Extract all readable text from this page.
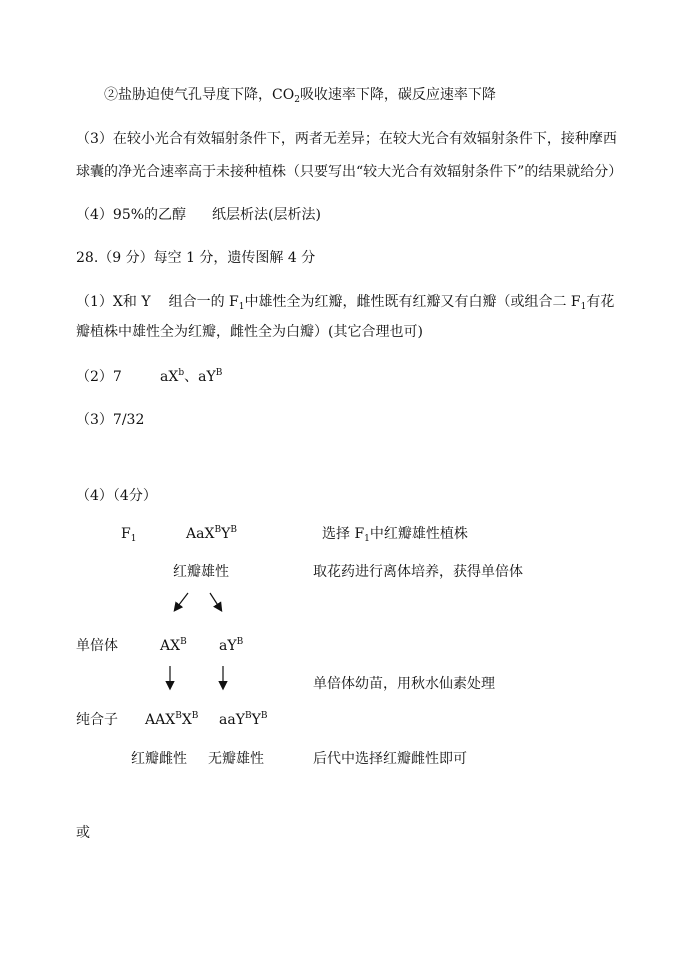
②盐胁迫使气孔导度下降，$CO_2$吸收速率下降，碳反应速率下降
（3）在较小光合有效辐射条件下，两者无差异；在较大光合有效辐射条件下，接种摩西
球囊的净光合速率高于未接种植株（只要写出“较大光合有效辐射条件下”的结果就给分）
（4）95%的乙醇 纸层析法(层析法)
28.（9 分）每空 1 分，遗传图解 4 分
（1）X和 Y 组合一的 $F_1$中雄性全为红瓣，雌性既有红瓣又有白瓣（或组合二 $F_1$有花
瓣植株中雄性全为红瓣，雌性全为白瓣）(其它合理也可)
（2）7	$aX^b$、$aY^B$
（3）7/32
（4）（4分）
$F_1$	$AaX^BY^B$	选择 $F_1$中红瓣雄性植株
红瓣雄性	取花药进行离体培养，获得单倍体
单倍体	$AX^B$ $aY^B$
单倍体幼苗，用秋水仙素处理
纯合子 $AAX^BX^B$ $aaY^BY^B$
红瓣雌性 无瓣雄性	后代中选择红瓣雌性即可
或
